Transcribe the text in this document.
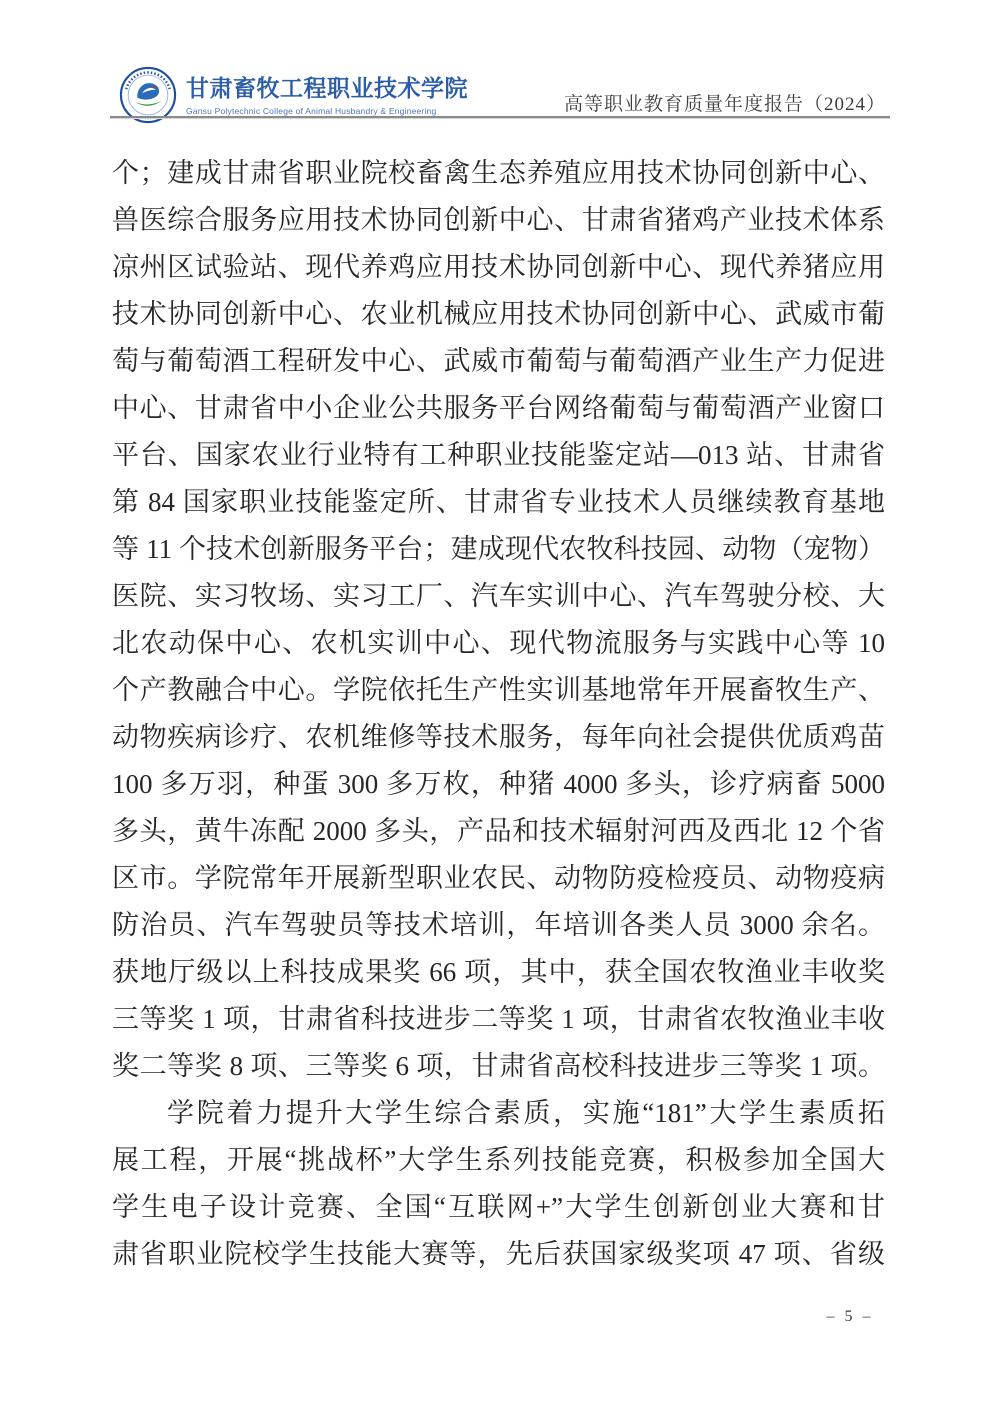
甘肃畜牧工程职业技术学院
Gansu Polytechnic College of Animal Husbandry & Engineering	高等职业教育质量年度报告（2024）
个；建成甘肃省职业院校畜禽生态养殖应用技术协同创新中心、
兽医综合服务应用技术协同创新中心、甘肃省猪鸡产业技术体系
凉州区试验站、现代养鸡应用技术协同创新中心、现代养猪应用
技术协同创新中心、农业机械应用技术协同创新中心、武威市葡
萄与葡萄酒工程研发中心、武威市葡萄与葡萄酒产业生产力促进
中心、甘肃省中小企业公共服务平台网络葡萄与葡萄酒产业窗口
平台、国家农业行业特有工种职业技能鉴定站—013 站、甘肃省
第 84 国家职业技能鉴定所、甘肃省专业技术人员继续教育基地
等 11 个技术创新服务平台；建成现代农牧科技园、动物（宠物）
医院、实习牧场、实习工厂、汽车实训中心、汽车驾驶分校、大
北农动保中心、农机实训中心、现代物流服务与实践中心等 10
个产教融合中心。学院依托生产性实训基地常年开展畜牧生产、
动物疾病诊疗、农机维修等技术服务，每年向社会提供优质鸡苗
100 多万羽，种蛋 300 多万枚，种猪 4000 多头，诊疗病畜 5000
多头，黄牛冻配 2000 多头，产品和技术辐射河西及西北 12 个省
区市。学院常年开展新型职业农民、动物防疫检疫员、动物疫病
防治员、汽车驾驶员等技术培训，年培训各类人员 3000 余名。
获地厅级以上科技成果奖 66 项，其中，获全国农牧渔业丰收奖
三等奖 1 项，甘肃省科技进步二等奖 1 项，甘肃省农牧渔业丰收
奖二等奖 8 项、三等奖 6 项，甘肃省高校科技进步三等奖 1 项。
学院着力提升大学生综合素质，实施“181”大学生素质拓
展工程，开展“挑战杯”大学生系列技能竞赛，积极参加全国大
学生电子设计竞赛、全国“互联网+”大学生创新创业大赛和甘
肃省职业院校学生技能大赛等，先后获国家级奖项 47 项、省级
– 5 –
